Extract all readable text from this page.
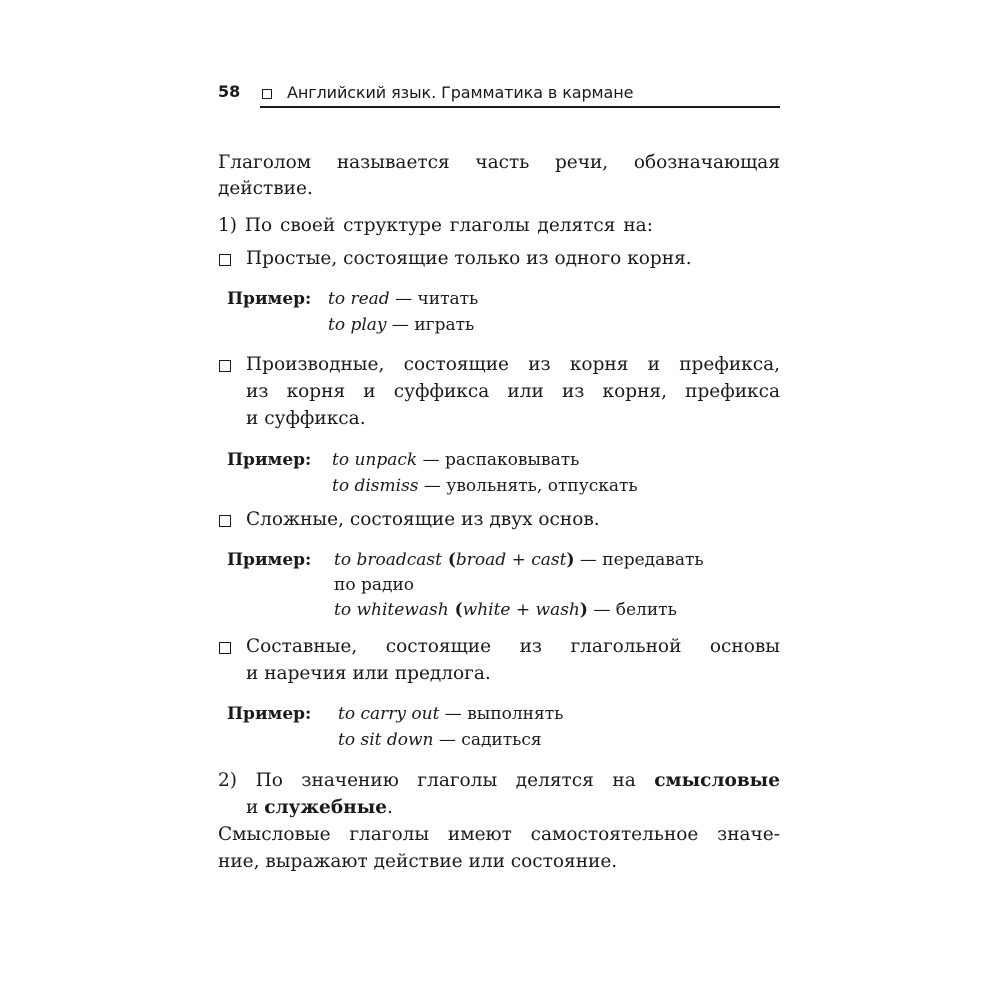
58	Английский язык. Грамматика в кармане

Глаголом называется часть речи, обозначающая

действие.

1) По своей структуре глаголы делятся на:

Простые, состоящие только из одного корня.

Пример: to read — читать

to play — играть

Производные, состоящие из корня и префикса,

из корня и суффикса или из корня, префикса

и суффикса.

Пример: to unpack — распаковывать

to dismiss — увольнять, отпускать

Сложные, состоящие из двух основ.

Пример: to broadcast (broad + cast) — передавать

по радио

to whitewash (white + wash) — белить

Составные, состоящие из глагольной основы

и наречия или предлога.

Пример: to carry out — выполнять

to sit down — садиться

2) По значению глаголы делятся на смысловые

и служебные.

Смысловые глаголы имеют самостоятельное значе-

ние, выражают действие или состояние.
